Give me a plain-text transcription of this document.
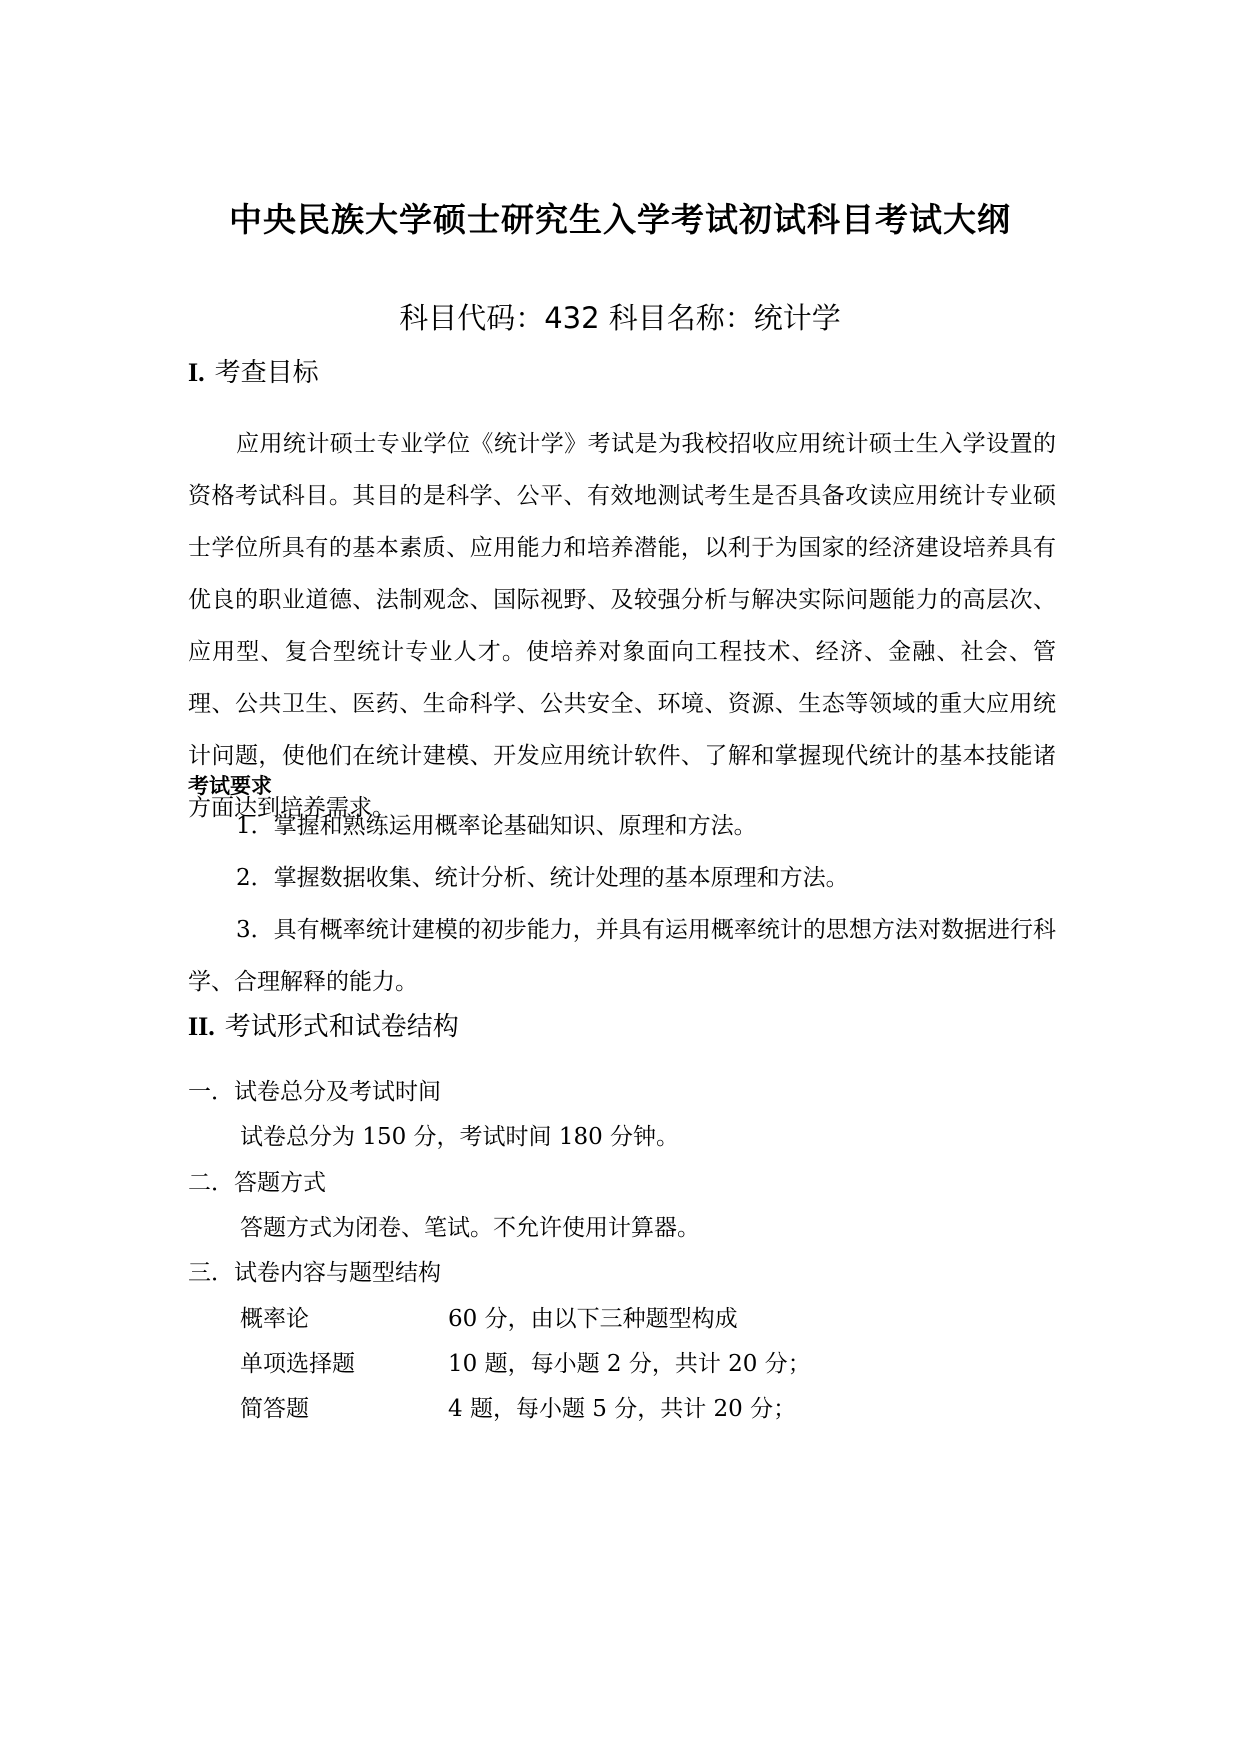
中央民族大学硕士研究生入学考试初试科目考试大纲
科目代码：432 科目名称：统计学
I. 考查目标
应用统计硕士专业学位《统计学》考试是为我校招收应用统计硕士生入学设置的资格考试科目。其目的是科学、公平、有效地测试考生是否具备攻读应用统计专业硕士学位所具有的基本素质、应用能力和培养潜能，以利于为国家的经济建设培养具有优良的职业道德、法制观念、国际视野、及较强分析与解决实际问题能力的高层次、应用型、复合型统计专业人才。使培养对象面向工程技术、经济、金融、社会、管理、公共卫生、医药、生命科学、公共安全、环境、资源、生态等领域的重大应用统计问题，使他们在统计建模、开发应用统计软件、了解和掌握现代统计的基本技能诸方面达到培养需求。
考试要求
1．掌握和熟练运用概率论基础知识、原理和方法。
2．掌握数据收集、统计分析、统计处理的基本原理和方法。
3．具有概率统计建模的初步能力，并具有运用概率统计的思想方法对数据进行科学、合理解释的能力。
II. 考试形式和试卷结构
一．试卷总分及考试时间
试卷总分为 150 分，考试时间 180 分钟。
二．答题方式
答题方式为闭卷、笔试。不允许使用计算器。
三．试卷内容与题型结构
概率论	60 分，由以下三种题型构成
单项选择题	10 题，每小题 2 分，共计 20 分；
简答题	4 题，每小题 5 分，共计 20 分；
